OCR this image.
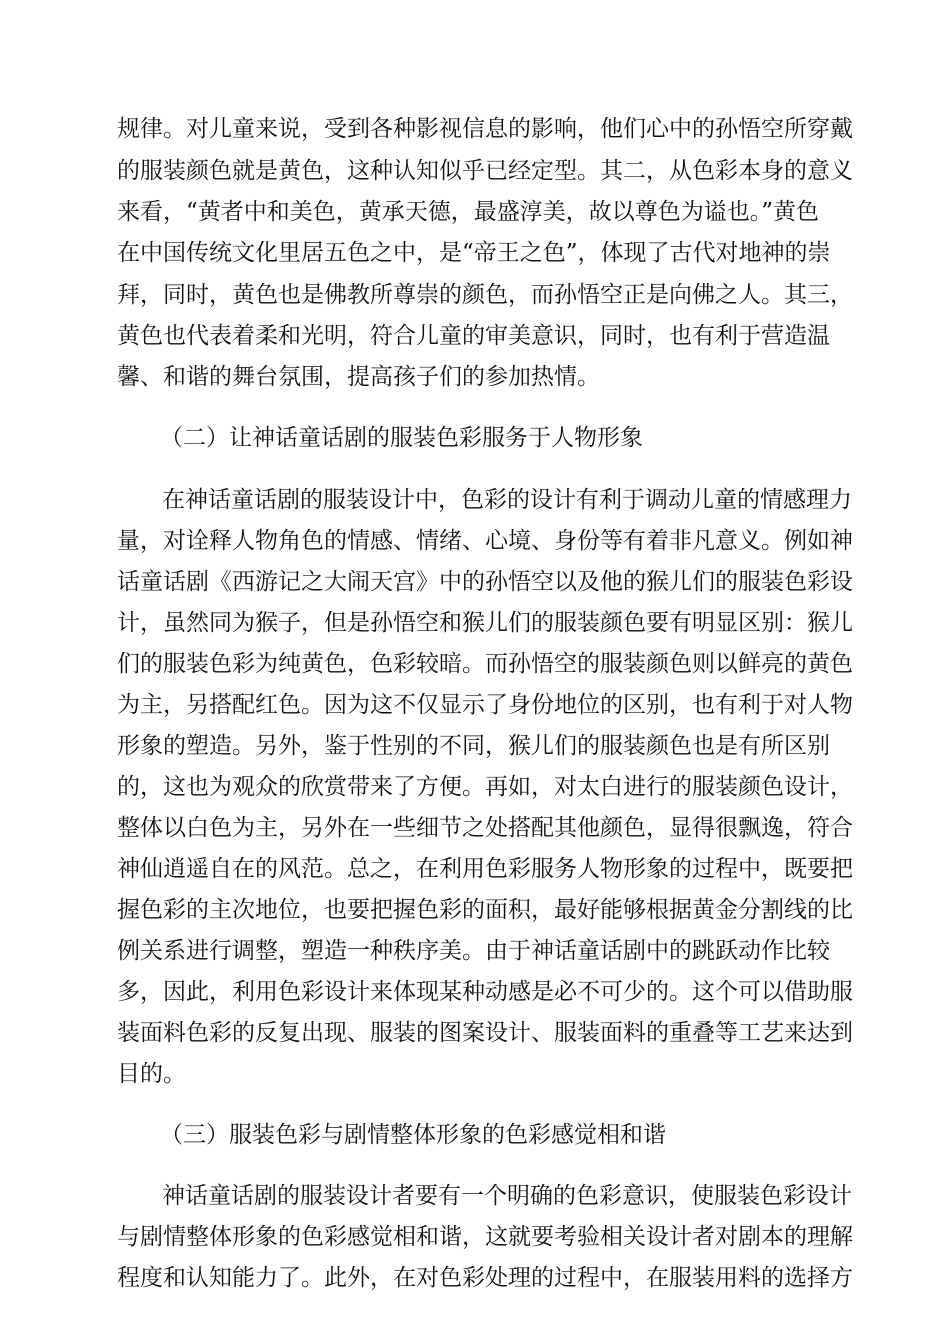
规律。对儿童来说，受到各种影视信息的影响，他们心中的孙悟空所穿戴
的服装颜色就是黄色，这种认知似乎已经定型。其二，从色彩本身的意义
来看，“黄者中和美色，黄承天德，最盛淳美，故以尊色为谥也。”黄色
在中国传统文化里居五色之中，是“帝王之色”，体现了古代对地神的崇
拜，同时，黄色也是佛教所尊崇的颜色，而孙悟空正是向佛之人。其三，
黄色也代表着柔和光明，符合儿童的审美意识，同时，也有利于营造温
馨、和谐的舞台氛围，提高孩子们的参加热情。
（二）让神话童话剧的服装色彩服务于人物形象
在神话童话剧的服装设计中，色彩的设计有利于调动儿童的情感理力
量，对诠释人物角色的情感、情绪、心境、身份等有着非凡意义。例如神
话童话剧《西游记之大闹天宫》中的孙悟空以及他的猴儿们的服装色彩设
计，虽然同为猴子，但是孙悟空和猴儿们的服装颜色要有明显区别：猴儿
们的服装色彩为纯黄色，色彩较暗。而孙悟空的服装颜色则以鲜亮的黄色
为主，另搭配红色。因为这不仅显示了身份地位的区别，也有利于对人物
形象的塑造。另外，鉴于性别的不同，猴儿们的服装颜色也是有所区别
的，这也为观众的欣赏带来了方便。再如，对太白进行的服装颜色设计，
整体以白色为主，另外在一些细节之处搭配其他颜色，显得很飘逸，符合
神仙逍遥自在的风范。总之，在利用色彩服务人物形象的过程中，既要把
握色彩的主次地位，也要把握色彩的面积，最好能够根据黄金分割线的比
例关系进行调整，塑造一种秩序美。由于神话童话剧中的跳跃动作比较
多，因此，利用色彩设计来体现某种动感是必不可少的。这个可以借助服
装面料色彩的反复出现、服装的图案设计、服装面料的重叠等工艺来达到
目的。
（三）服装色彩与剧情整体形象的色彩感觉相和谐
神话童话剧的服装设计者要有一个明确的色彩意识，使服装色彩设计
与剧情整体形象的色彩感觉相和谐，这就要考验相关设计者对剧本的理解
程度和认知能力了。此外，在对色彩处理的过程中，在服装用料的选择方
